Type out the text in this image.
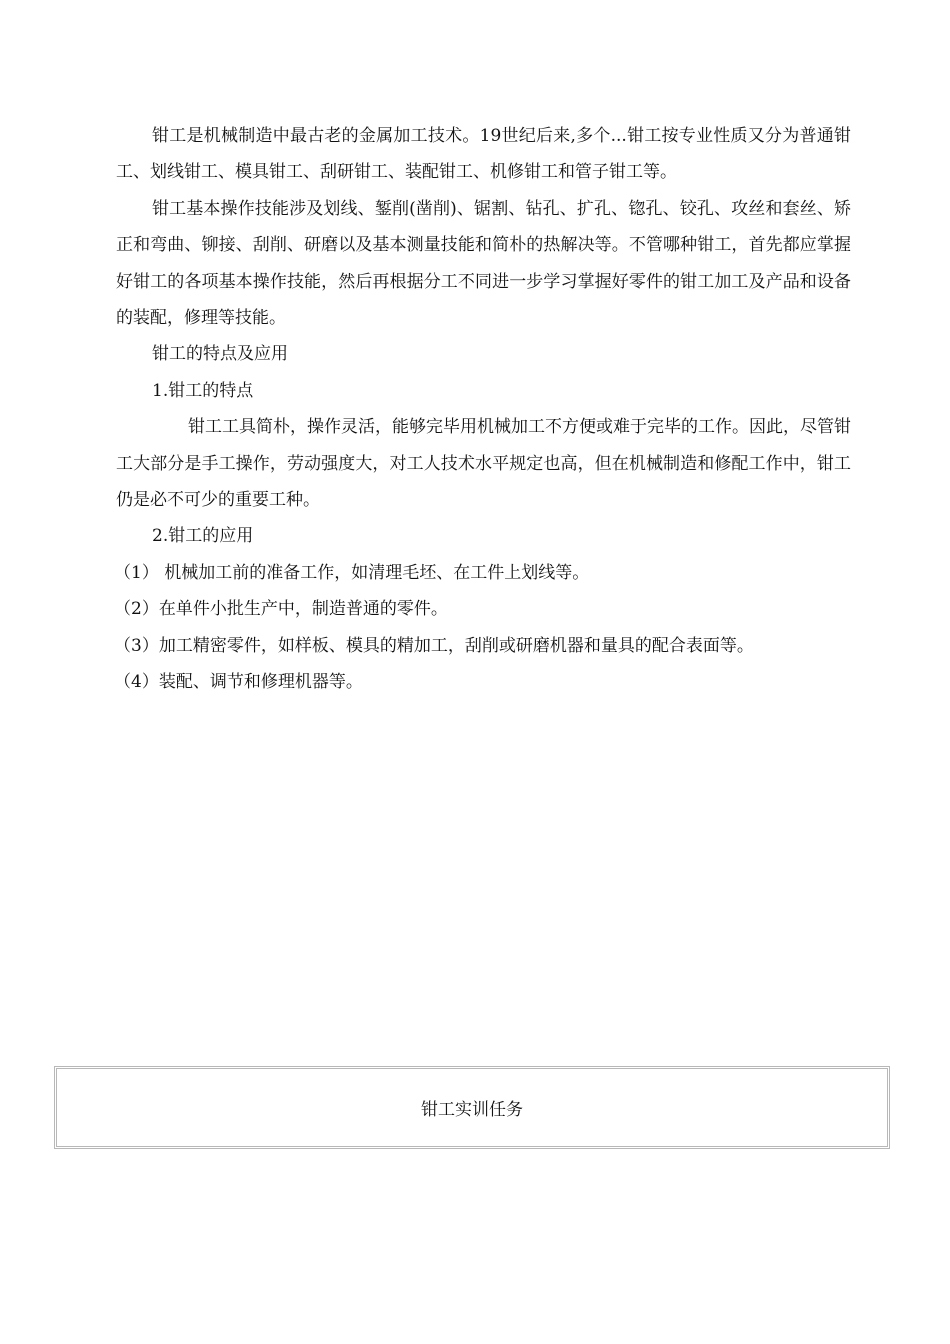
钳工是机械制造中最古老的金属加工技术。19世纪后来,多个...钳工按专业性质又分为普通钳工、划线钳工、模具钳工、刮研钳工、装配钳工、机修钳工和管子钳工等。

钳工基本操作技能涉及划线、錾削(凿削)、锯割、钻孔、扩孔、锪孔、铰孔、攻丝和套丝、矫正和弯曲、铆接、刮削、研磨以及基本测量技能和简朴的热解决等。不管哪种钳工，首先都应掌握好钳工的各项基本操作技能，然后再根据分工不同进一步学习掌握好零件的钳工加工及产品和设备的装配，修理等技能。

钳工的特点及应用

1.钳工的特点

钳工工具简朴，操作灵活，能够完毕用机械加工不方便或难于完毕的工作。因此，尽管钳工大部分是手工操作，劳动强度大，对工人技术水平规定也高，但在机械制造和修配工作中，钳工仍是必不可少的重要工种。

2.钳工的应用

（1） 机械加工前的准备工作，如清理毛坯、在工件上划线等。
（2）在单件小批生产中，制造普通的零件。
（3）加工精密零件，如样板、模具的精加工，刮削或研磨机器和量具的配合表面等。
（4）装配、调节和修理机器等。
钳工实训任务
